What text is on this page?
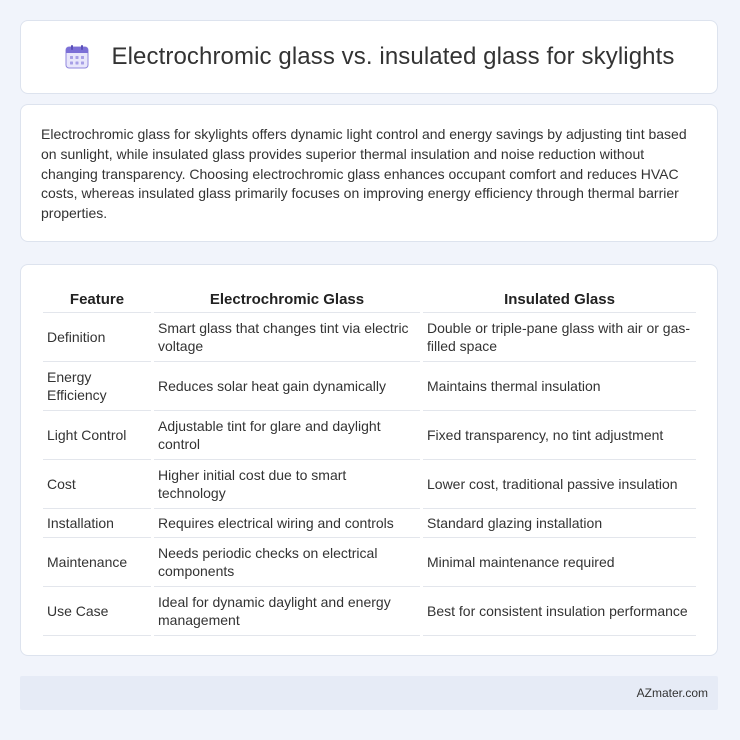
Electrochromic glass vs. insulated glass for skylights

Electrochromic glass for skylights offers dynamic light control and energy savings by adjusting tint based on sunlight, while insulated glass provides superior thermal insulation and noise reduction without changing transparency. Choosing electrochromic glass enhances occupant comfort and reduces HVAC costs, whereas insulated glass primarily focuses on improving energy efficiency through thermal barrier properties.

Feature	Electrochromic Glass	Insulated Glass
Definition	Smart glass that changes tint via electric voltage	Double or triple-pane glass with air or gas-filled space
Energy Efficiency	Reduces solar heat gain dynamically	Maintains thermal insulation
Light Control	Adjustable tint for glare and daylight control	Fixed transparency, no tint adjustment
Cost	Higher initial cost due to smart technology	Lower cost, traditional passive insulation
Installation	Requires electrical wiring and controls	Standard glazing installation
Maintenance	Needs periodic checks on electrical components	Minimal maintenance required
Use Case	Ideal for dynamic daylight and energy management	Best for consistent insulation performance
AZmater.com
